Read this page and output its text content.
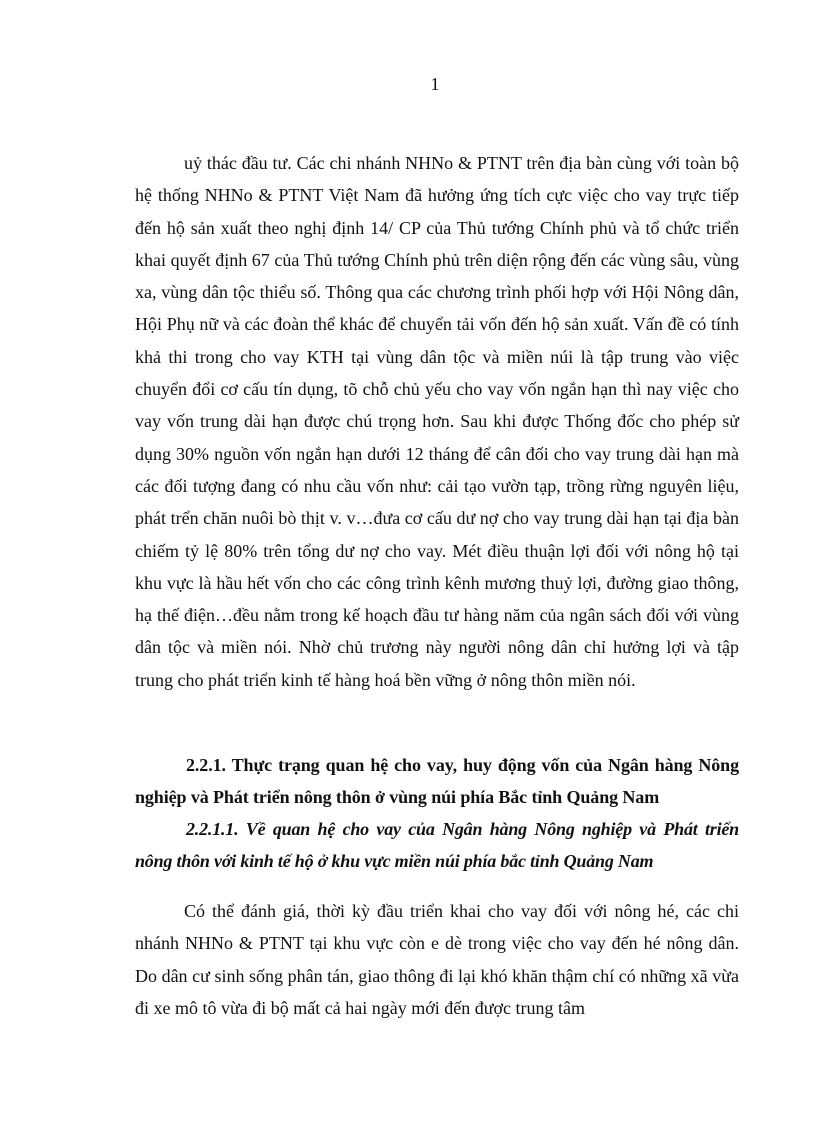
1

uỷ thác đầu tư. Các chi nhánh NHNo & PTNT trên địa bàn cùng với toàn bộ hệ thống NHNo & PTNT Việt Nam đã hưởng ứng tích cực việc cho vay trực tiếp đến hộ sản xuất theo nghị định 14/ CP của Thủ tướng Chính phủ và tổ chức triển khai quyết định 67 của Thủ tướng Chính phủ trên diện rộng đến các vùng sâu, vùng xa, vùng dân tộc thiểu số. Thông qua các chương trình phối hợp với Hội Nông dân, Hội Phụ nữ và các đoàn thể khác để chuyển tải vốn đến hộ sản xuất. Vấn đề có tính khả thi trong cho vay KTH tại vùng dân tộc và miền núi là tập trung vào việc chuyển đổi cơ cấu tín dụng, tõ chỗ chủ yếu cho vay vốn ngắn hạn thì nay việc cho vay vốn trung dài hạn được chú trọng hơn. Sau khi được Thống đốc cho phép sử dụng 30% nguồn vốn ngắn hạn dưới 12 tháng để cân đối cho vay trung dài hạn mà các đối tượng đang có nhu cầu vốn như: cải tạo vườn tạp, trồng rừng nguyên liệu, phát trển chăn nuôi bò thịt v. v…đưa cơ cấu dư nợ cho vay trung dài hạn tại địa bàn chiếm tỷ lệ 80% trên tổng dư nợ cho vay. Mét điều thuận lợi đối với nông hộ tại khu vực là hầu hết vốn cho các công trình kênh mương thuỷ lợi, đường giao thông, hạ thế điện…đều nằm trong kế hoạch đầu tư hàng năm của ngân sách đối với vùng dân tộc và miền nói. Nhờ chủ trương này người nông dân chỉ hưởng lợi và tập trung cho phát triển kinh tế hàng hoá bền vững ở nông thôn miền nói.

2.2.1. Thực trạng quan hệ cho vay, huy động vốn của Ngân hàng Nông nghiệp và Phát triển nông thôn ở vùng núi phía Bắc tỉnh Quảng Nam
2.2.1.1. Về quan hệ cho vay của Ngân hàng Nông nghiệp và Phát triển nông thôn với kinh tế hộ ở khu vực miền núi phía bắc tỉnh Quảng Nam

Có thể đánh giá, thời kỳ đầu triển khai cho vay đối với nông hé, các chi nhánh NHNo & PTNT tại khu vực còn e dè trong việc cho vay đến hé nông dân. Do dân cư sinh sống phân tán, giao thông đi lại khó khăn thậm chí có những xã vừa đi xe mô tô vừa đi bộ mất cả hai ngày mới đến được trung tâm
